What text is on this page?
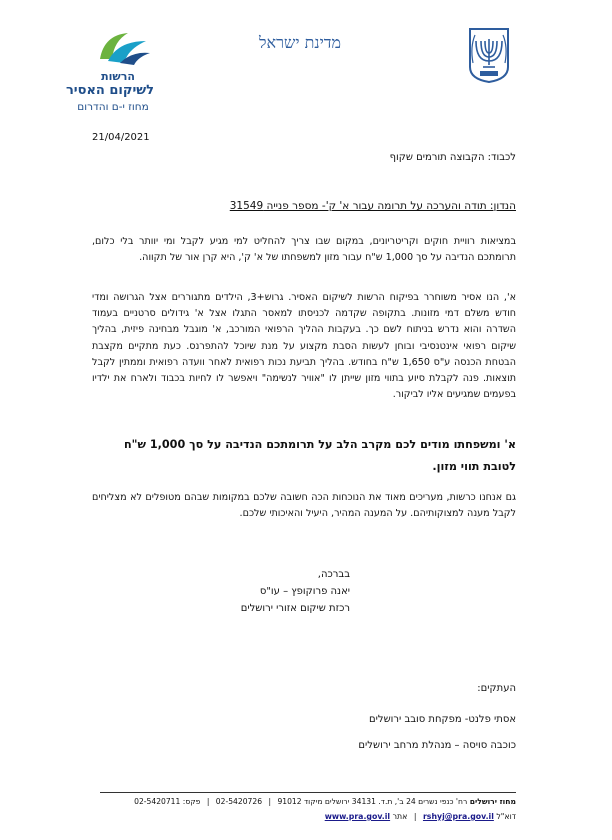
מדינת ישראל
הרשות
לשיקום האסיר
מחוז י-ם והדרום
21/04/2021
לכבוד: הקבוצה תורמים שקוף
הנדון: תודה והערכה על תרומה עבור א' ק'- מספר פנייה 31549
במציאות רוויית חוקים וקריטריונים, במקום שבו צריך להחליט למי מגיע לקבל ומי יוותר בלי כלום, תרומתכם הנדיבה על סך 1,000 ש"ח עבור מזון למשפחתו של א' ק', היא קרן אור של תקווה.
א', הנו אסיר משוחרר בפיקוח הרשות לשיקום האסיר. גרוש+3, הילדים מתגוררים אצל הגרושה ומדי חודש משלם דמי מזונות. בתקופה שקדמה לכניסתו למאסר התגלו אצל א' גידולים סרטניים בעמוד השדרה והוא נדרש בניתוח לשם כך. בעקבות ההליך הרפואי המורכב, א' מוגבל מבחינה פיזית, בהליך שיקום רפואי אינטנסיבי ובוחן לעשות הסבת מקצוע על מנת שיוכל להתפרנס. כעת מתקיים מקצבת הבטחת הכנסה ע"ס 1,650 ש"ח בחודש. בהליך תביעת נכות רפואית לאחר וועדה רפואית וממתין לקבל תוצאות. פנה לקבלת סיוע בתווי מזון שייתן לו "אוויר לנשימה" ויאפשר לו לחיות בכבוד ולארח את ילדיו בפעמים שמגיעים אליו לביקור.
א' ומשפחתו מודים לכם מקרב הלב על תרומתכם הנדיבה על סך 1,000 ש"ח לטובת תווי מזון.
גם אנחנו כרשות, מעריכים מאוד את הנוכחות הכה חשובה שלכם במקומות שבהם מטופלים לא מצליחים לקבל מענה למצוקותיהם. על המענה המהיר, היעיל והאיכותי שלכם.
בברכה,
יאנה פרוקופץ – עו"ס
רכזת שיקום אזורי ירושלים
העתקים:
אסתי פלנט- מפקחת סובב ירושלים
כוכבה סויסה – מנהלת מרחב ירושלים
מחוז ירושלים רח' כנפי נשרים 24 ב', ת.ד. 34131 ירושלים מיקוד 91012 | 02-5420726 | פקס: 02-5420711
דוא"ל rshyj@pra.gov.il | אתר www.pra.gov.il
